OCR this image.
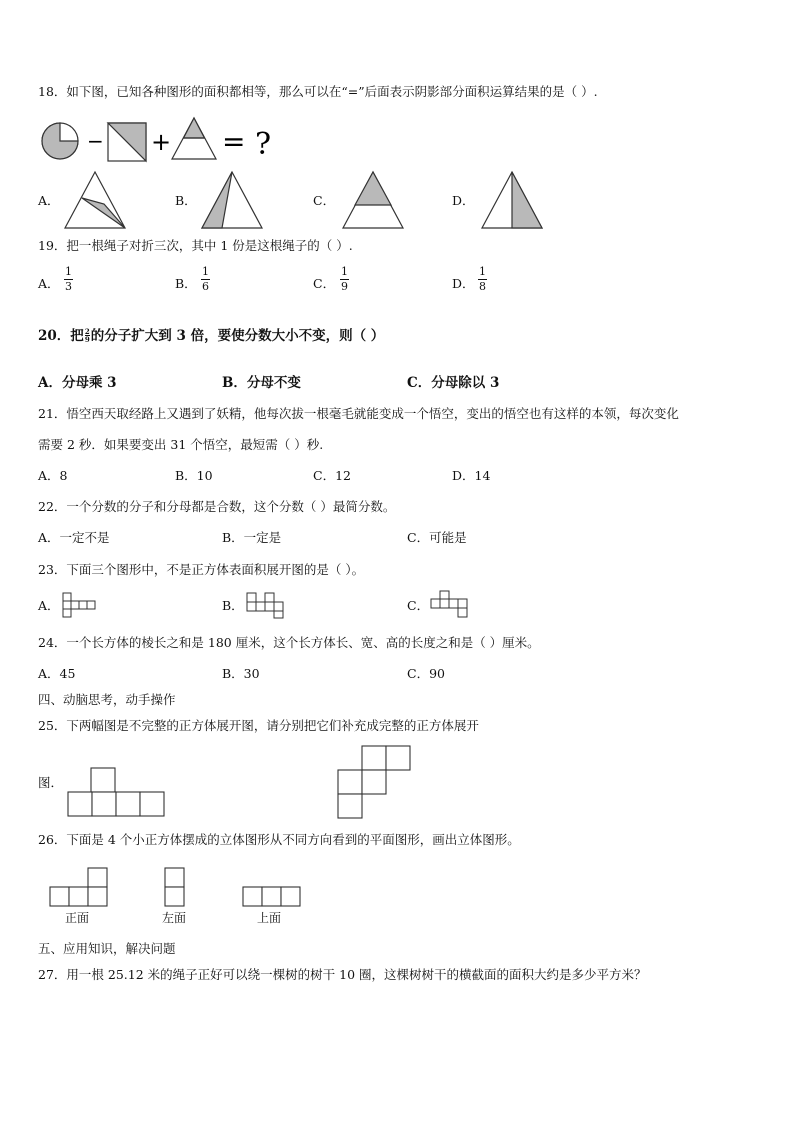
18．如下图，已知各种图形的面积都相等，那么可以在“=”后面表示阴影部分面积运算结果的是（ ）.
− + = ?
A．	B．	C．	D．
19．把一根绳子对折三次，其中 1 份是这根绳子的（ ）.
A．
1
3	B．
1
6	C．
1
9	D．
1
8
20．把 $\frac{2}{9}$ 的分子扩大到 3 倍，要使分数大小不变，则（ ）
A．分母乘 3	B．分母不变	C．分母除以 3
21．悟空西天取经路上又遇到了妖精，他每次拔一根毫毛就能变成一个悟空，变出的悟空也有这样的本领，每次变化
需要 2 秒．如果要变出 31 个悟空，最短需（ ）秒.
A．8	B．10	C．12	D．14
22．一个分数的分子和分母都是合数，这个分数（ ）最简分数。
A．一定不是	B．一定是	C．可能是
23．下面三个图形中，不是正方体表面积展开图的是（ ）。
A．	B．	C．
24．一个长方体的棱长之和是 180 厘米，这个长方体长、宽、高的长度之和是（ ）厘米。
A．45	B．30	C．90
四、动脑思考，动手操作
25．下两幅图是不完整的正方体展开图，请分别把它们补充成完整的正方体展开
图．
26．下面是 4 个小正方体摆成的立体图形从不同方向看到的平面图形，画出立体图形。
正面	左面	上面
五、应用知识，解决问题
27．用一根 25.12 米的绳子正好可以绕一棵树的树干 10 圈，这棵树树干的横截面的面积大约是多少平方米？
